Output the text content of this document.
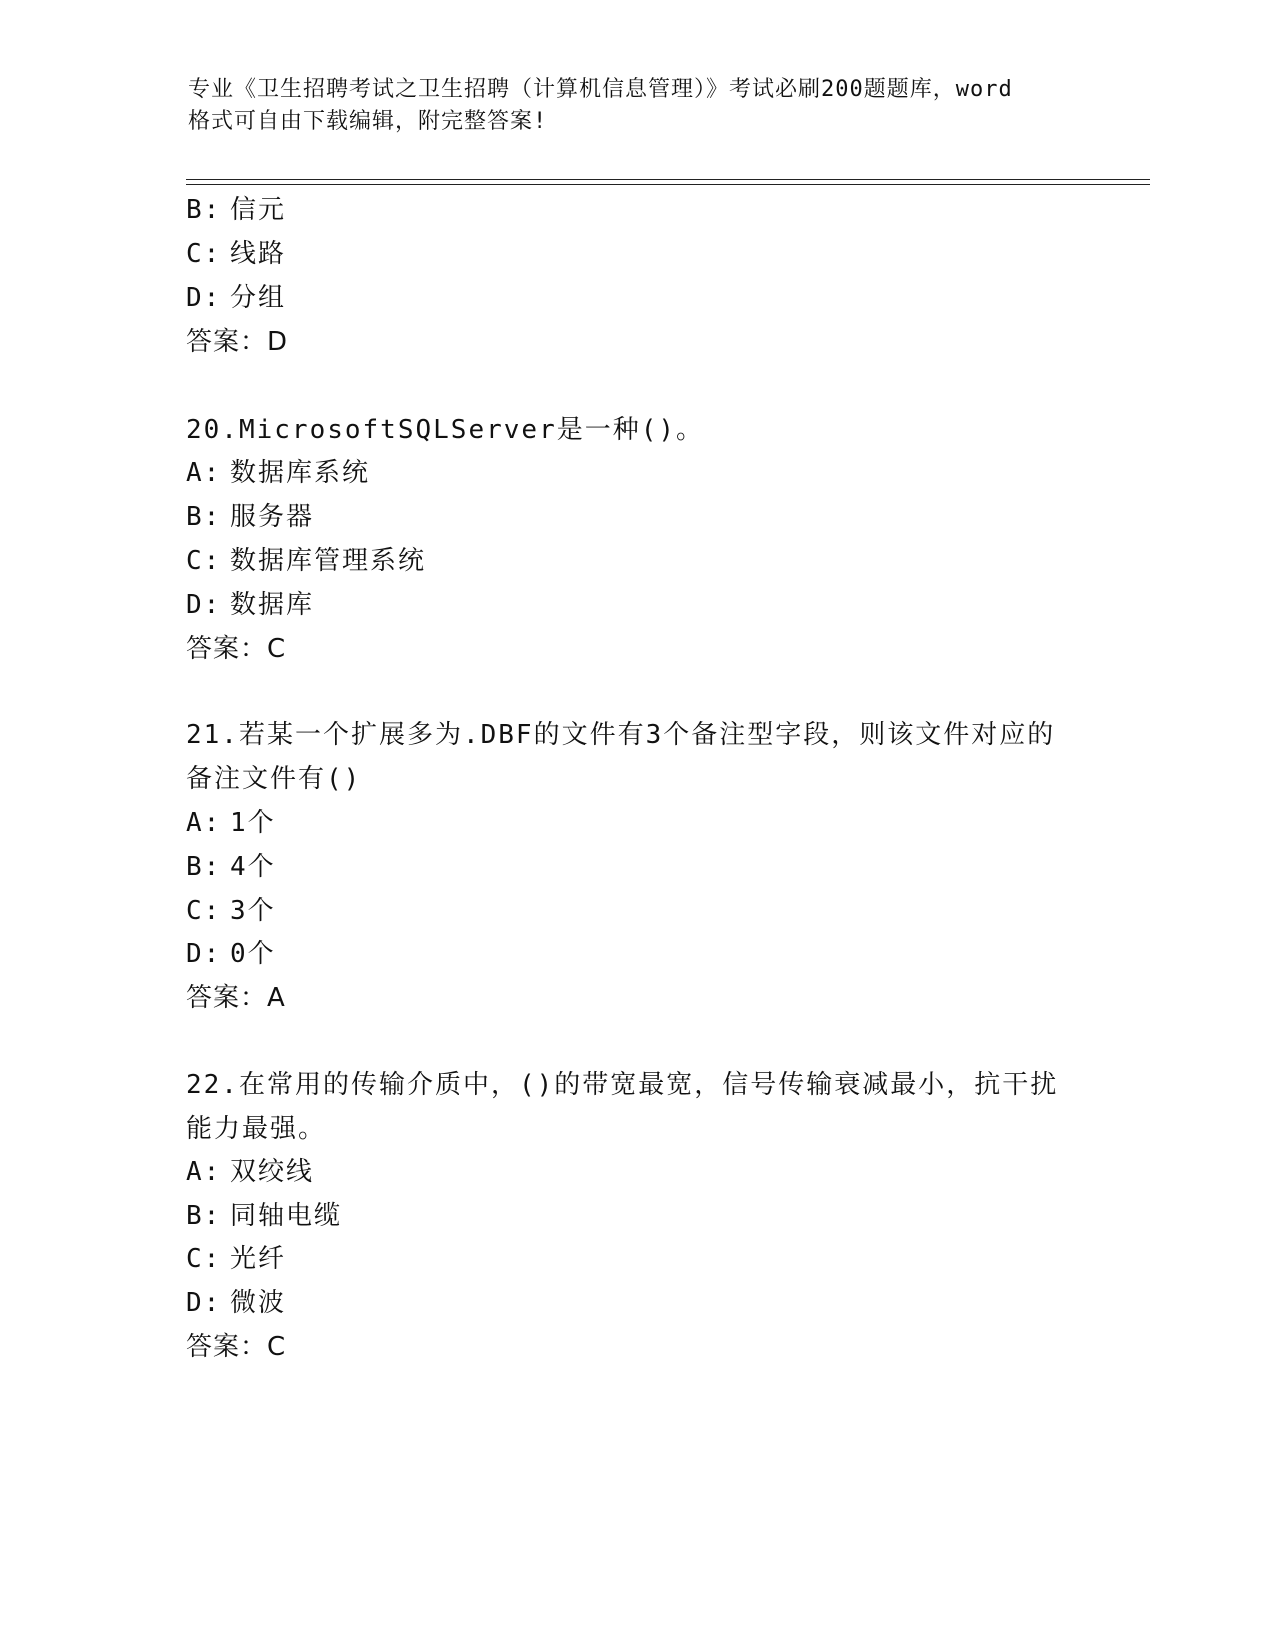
专业《卫生招聘考试之卫生招聘（计算机信息管理）》考试必刷200题题库，word
格式可自由下载编辑，附完整答案!
B: 信元
C: 线路
D: 分组
答案：D
20.MicrosoftSQLServer是一种()。
A: 数据库系统
B: 服务器
C: 数据库管理系统
D: 数据库
答案：C
21.若某一个扩展多为.DBF的文件有3个备注型字段，则该文件对应的
备注文件有()
A: 1个
B: 4个
C: 3个
D: 0个
答案：A
22.在常用的传输介质中，()的带宽最宽，信号传输衰减最小，抗干扰
能力最强。
A: 双绞线
B: 同轴电缆
C: 光纤
D: 微波
答案：C
